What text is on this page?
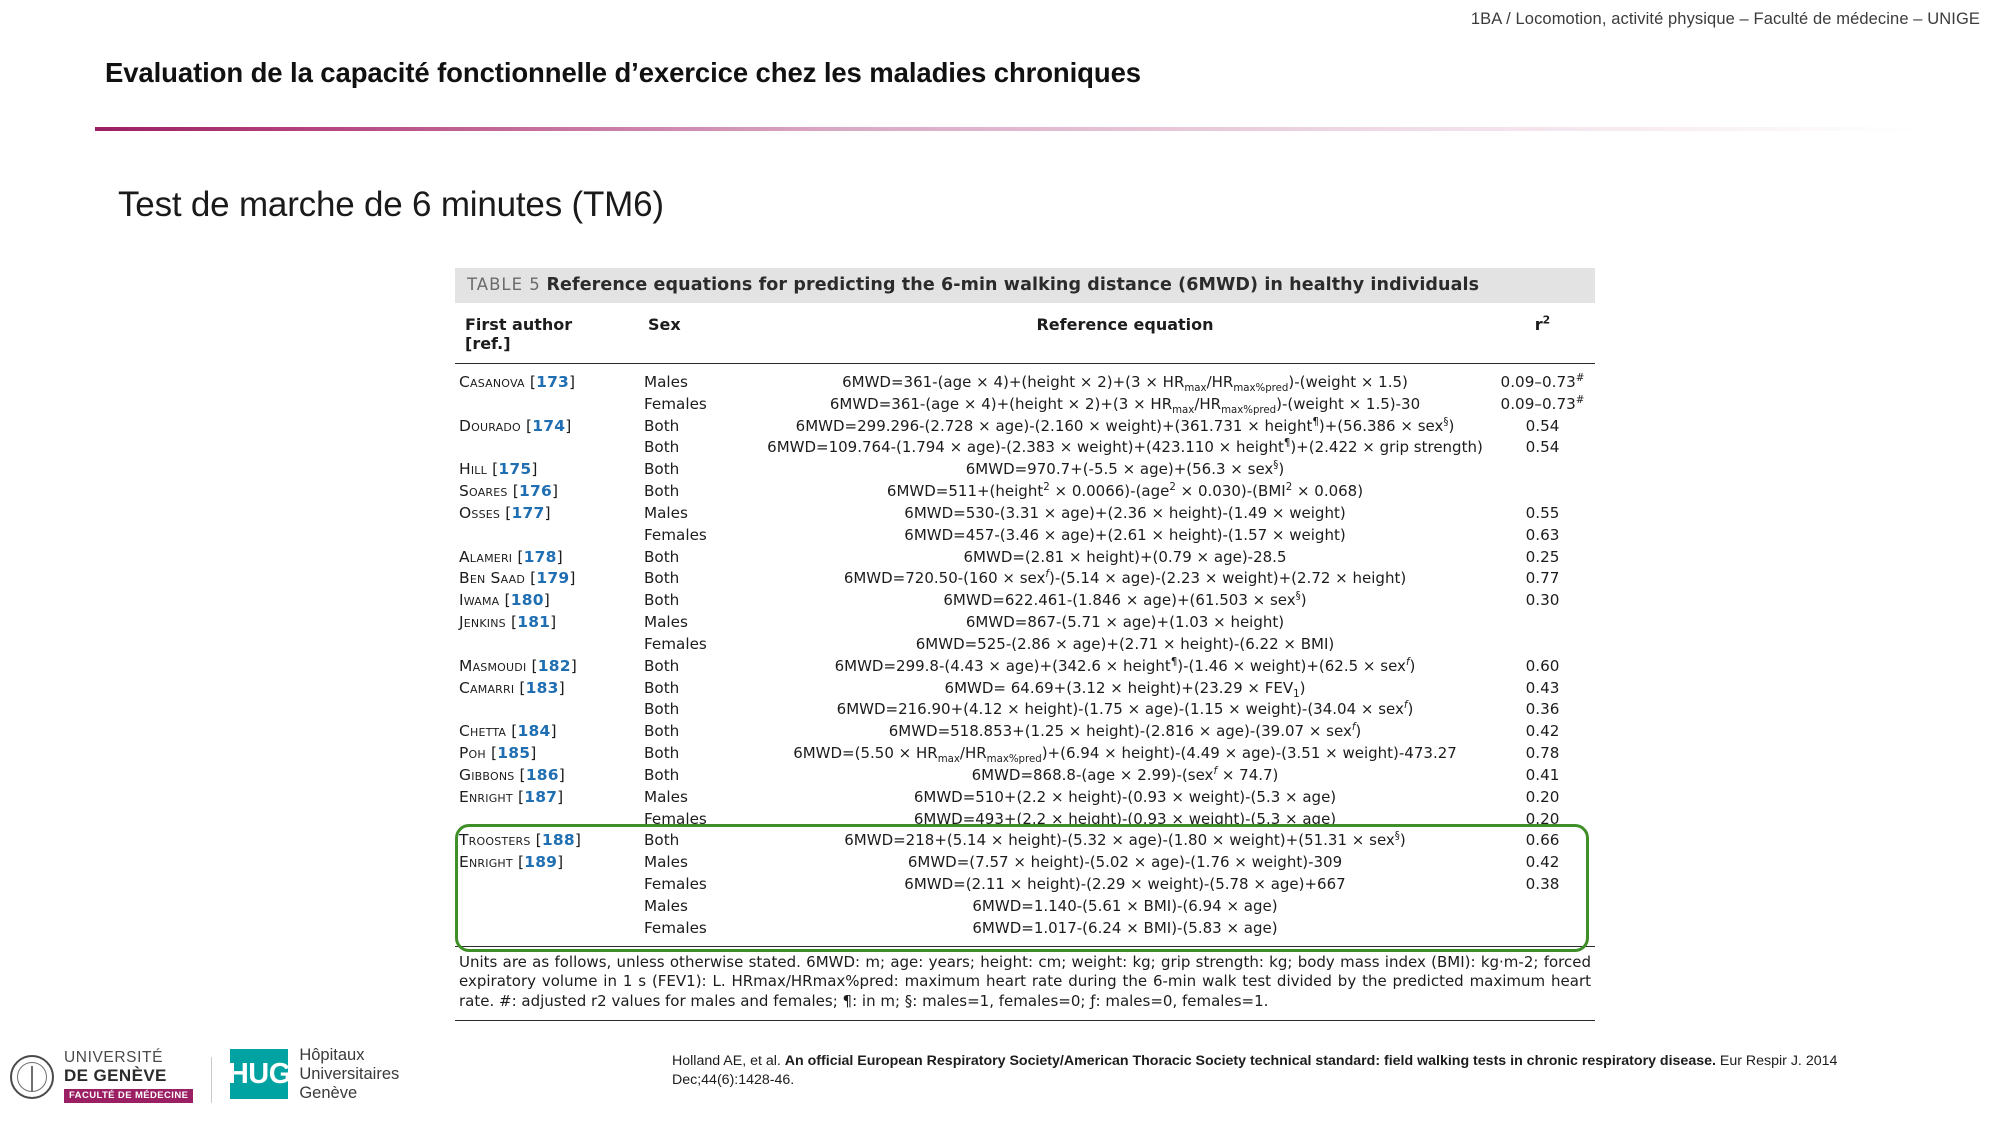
1BA / Locomotion, activité physique – Faculté de médecine – UNIGE
Evaluation de la capacité fonctionnelle d’exercice chez les maladies chroniques
Test de marche de 6 minutes (TM6)
TABLE 5 Reference equations for predicting the 6-min walking distance (6MWD) in healthy individuals
First author
[ref.]	Sex	Reference equation	$r^2$
Casanova [173]	Males	6MWD=361-(age × 4)+(height × $2)+(3 \times HR_{max}/HR_{max\%pred})-(weight \times 1.5)$	0.09–0.73#
	Females	6MWD=361-(age × 4)+(height × $2)+(3 \times HR_{max}/HR_{max\%pred})-(weight \times 1.5)-30$	0.09–0.73#
Dourado [174]	Both	6MWD=299.296-(2.728 × age)-(2.160 × weight)+(361.731 × height¶)+(56.386 × sex§)	0.54
	Both	6MWD=109.764-(1.794 × age)-(2.383 × weight)+(423.110 × height¶)+(2.422 × grip strength)	0.54
Hill [175]	Both	6MWD=970.7+(-5.5 × age)+(56.3 × sex§)	
Soares [176]	Both	6MWD=511+(height$^2$ × $0.0066)-(age^2 \times 0.030)-(BMI^2 \times 0.068)$	
Osses [177]	Males	6MWD=530-(3.31 × age)+(2.36 × height)-(1.49 × weight)	0.55
	Females	6MWD=457-(3.46 × age)+(2.61 × height)-(1.57 × weight)	0.63
Alameri [178]	Both	6MWD=(2.81 × height)+(0.79 × age)-28.5	0.25
Ben Saad [179]	Both	6MWD=720.50-(160 × sex$^f$)-(5.14 × age)-(2.23 × weight)+(2.72 × height)	0.77
Iwama [180]	Both	6MWD=622.461-(1.846 × age)+(61.503 × sex§)	0.30
Jenkins [181]	Males	6MWD=867-(5.71 × age)+(1.03 × height)	
	Females	6MWD=525-(2.86 × age)+(2.71 × height)-(6.22 × BMI)	
Masmoudi [182]	Both	6MWD=299.8-(4.43 × age)+(342.6 × height¶)-(1.46 × weight)+(62.5 × sex$^f$)	0.60
Camarri [183]	Both	6MWD= 64.69+(3.12 × height)+(23.29 × $FEV_1$)	0.43
	Both	6MWD=216.90+(4.12 × height)-(1.75 × age)-(1.15 × weight)-(34.04 × sex$^f$)	0.36
Chetta [184]	Both	6MWD=518.853+(1.25 × height)-(2.816 × age)-(39.07 × sex$^f$)	0.42
Poh [185]	Both	$6MWD=(5.50 \times HR_{max}/HR_{max\%pred})+(6.94$ × height)-(4.49 × age)-(3.51 × weight)-473.27	0.78
Gibbons [186]	Both	6MWD=868.8-(age × 2.99)-(sex$^f$ × 74.7)	0.41
Enright [187]	Males	6MWD=510+(2.2 × height)-(0.93 × weight)-(5.3 × age)	0.20
	Females	6MWD=493+(2.2 × height)-(0.93 × weight)-(5.3 × age)	0.20
Troosters [188]	Both	6MWD=218+(5.14 × height)-(5.32 × age)-(1.80 × weight)+(51.31 × sex§)	0.66
Enright [189]	Males	6MWD=(7.57 × height)-(5.02 × age)-(1.76 × weight)-309	0.42
	Females	6MWD=(2.11 × height)-(2.29 × weight)-(5.78 × age)+667	0.38
	Males	6MWD=1.140-(5.61 × BMI)-(6.94 × age)	
	Females	6MWD=1.017-(6.24 × BMI)-(5.83 × age)	
Units are as follows, unless otherwise stated. 6MWD: m; age: years; height: cm; weight: kg; grip strength: kg; body mass index (BMI): kg·m-2; forced expiratory volume in 1 s (FEV1): L. HRmax/HRmax%pred: maximum heart rate during the 6-min walk test divided by the predicted maximum heart rate. #: adjusted r2 values for males and females; ¶: in m; §: males=1, females=0; ƒ: males=0, females=1.
Holland AE, et al. An official European Respiratory Society/American Thoracic Society technical standard: field walking tests in chronic respiratory disease. Eur Respir J. 2014 Dec;44(6):1428-46.
UNIVERSITÉ
DE GENÈVE
FACULTÉ DE MÉDECINE
HUG
Hôpitaux
Universitaires
Genève
